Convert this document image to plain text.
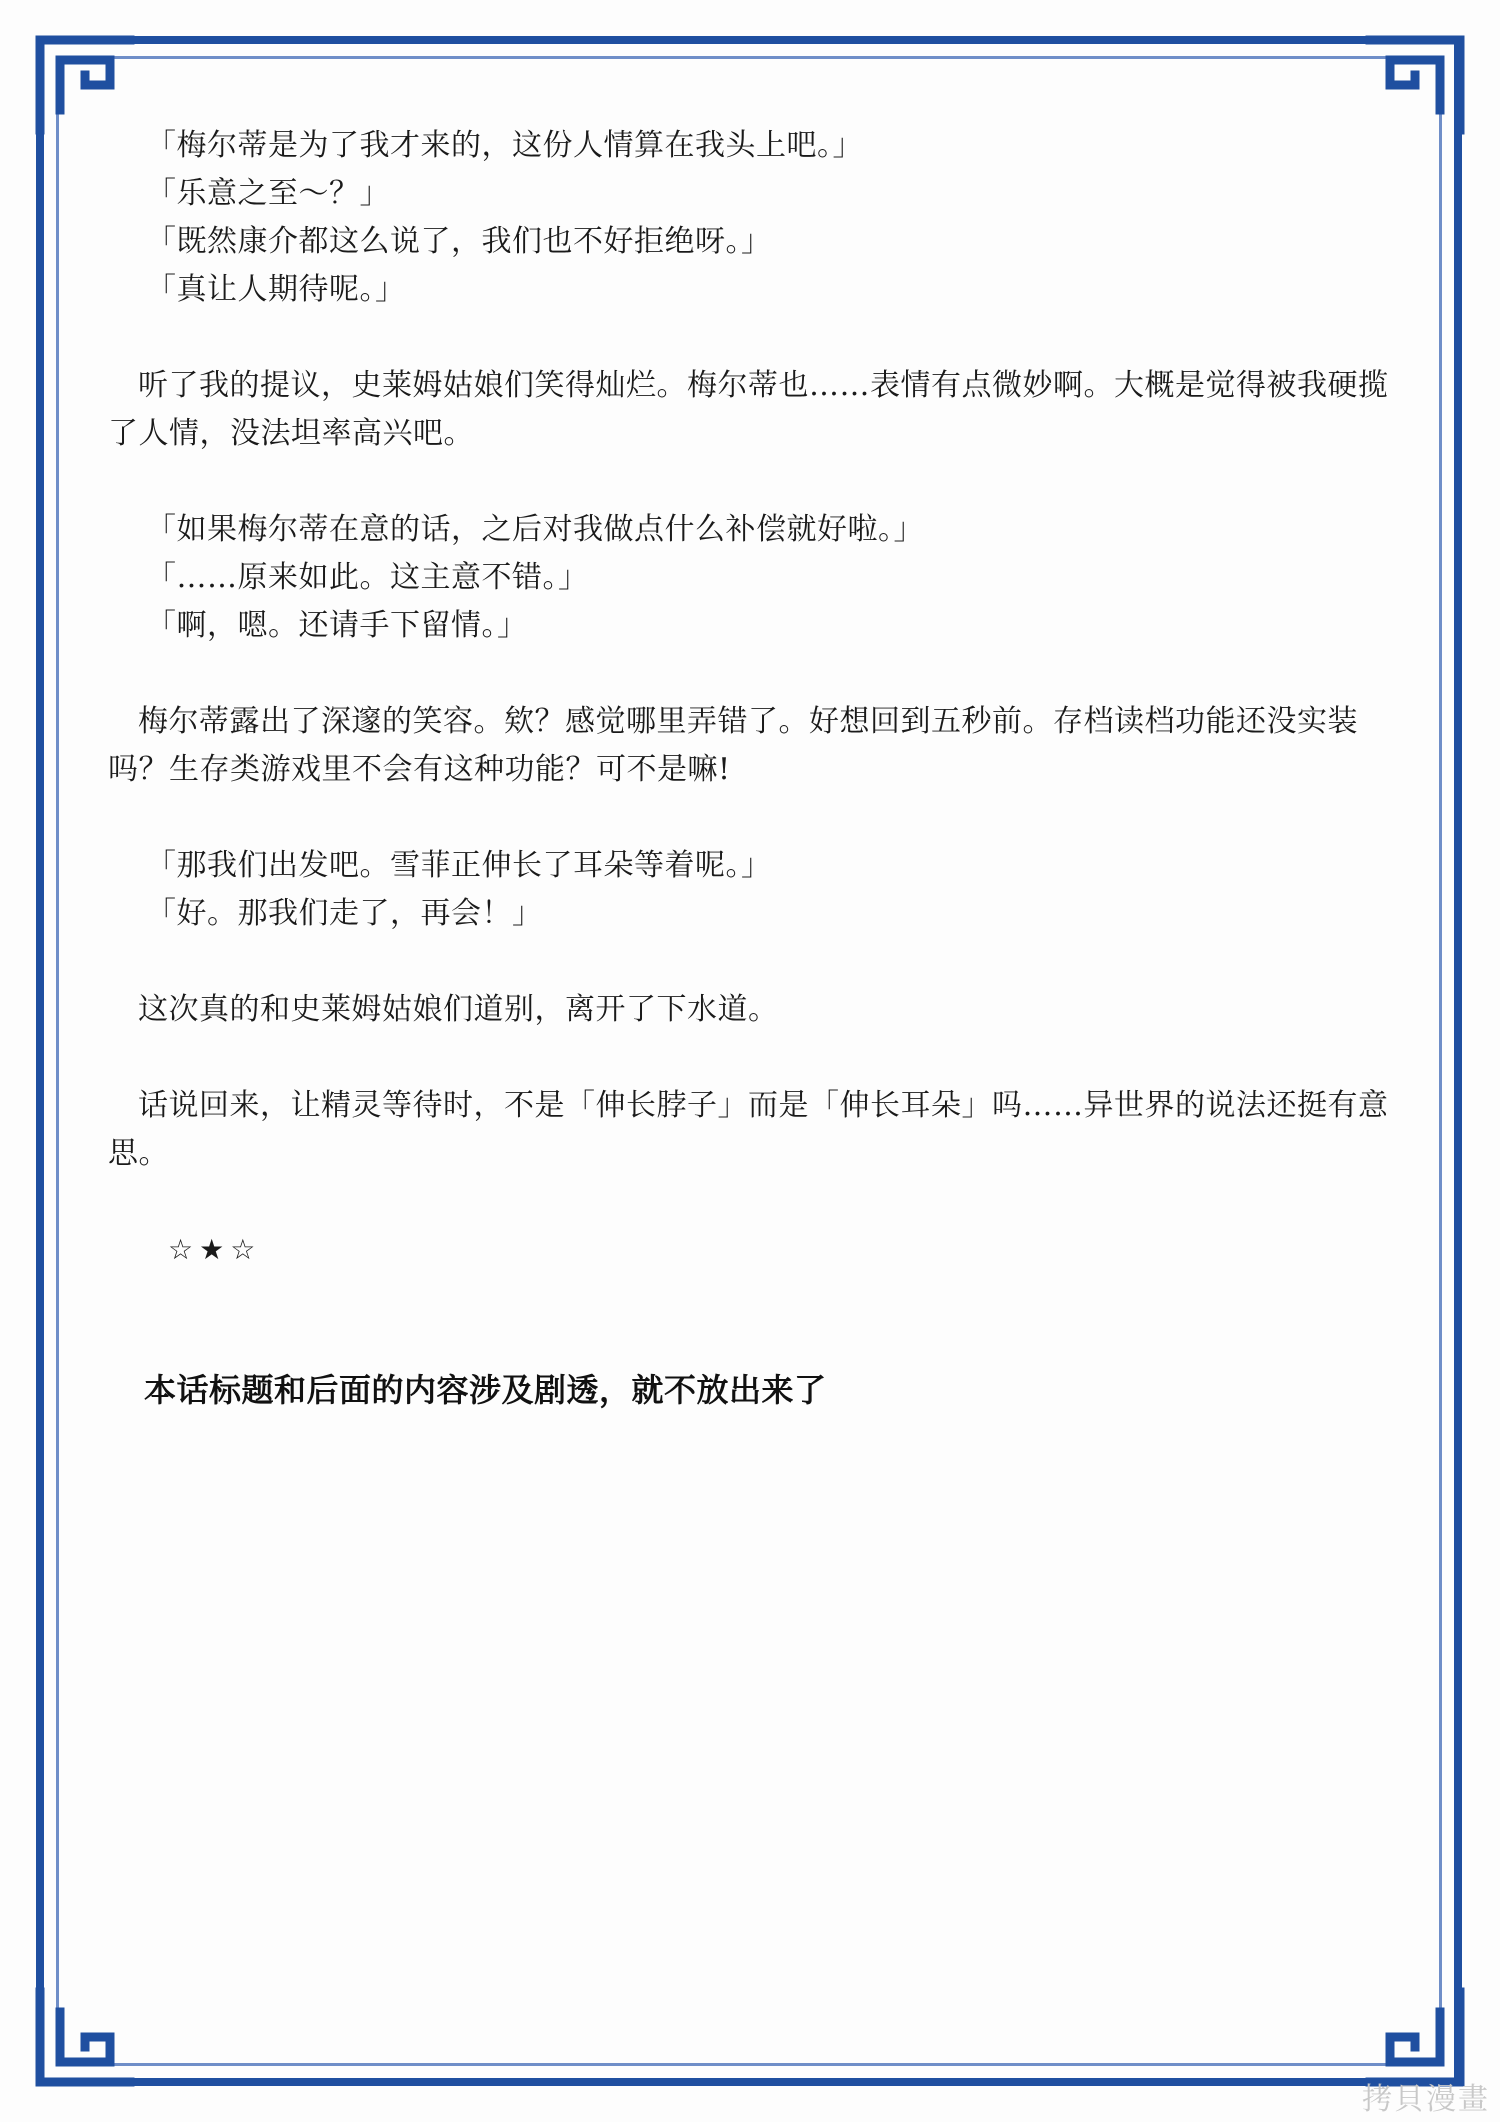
「梅尔蒂是为了我才来的，这份人情算在我头上吧。」

「乐意之至～？」

「既然康介都这么说了，我们也不好拒绝呀。」

「真让人期待呢。」

听了我的提议，史莱姆姑娘们笑得灿烂。梅尔蒂也……表情有点微妙啊。大概是觉得被我硬揽了人情，没法坦率高兴吧。

「如果梅尔蒂在意的话，之后对我做点什么补偿就好啦。」

「……原来如此。这主意不错。」

「啊，嗯。还请手下留情。」

梅尔蒂露出了深邃的笑容。欸？感觉哪里弄错了。好想回到五秒前。存档读档功能还没实装吗？生存类游戏里不会有这种功能？可不是嘛!

「那我们出发吧。雪菲正伸长了耳朵等着呢。」

「好。那我们走了，再会！」

这次真的和史莱姆姑娘们道别，离开了下水道。

话说回来，让精灵等待时，不是「伸长脖子」而是「伸长耳朵」吗……异世界的说法还挺有意思。

☆★☆
本话标题和后面的内容涉及剧透，就不放出来了
拷貝漫畫
